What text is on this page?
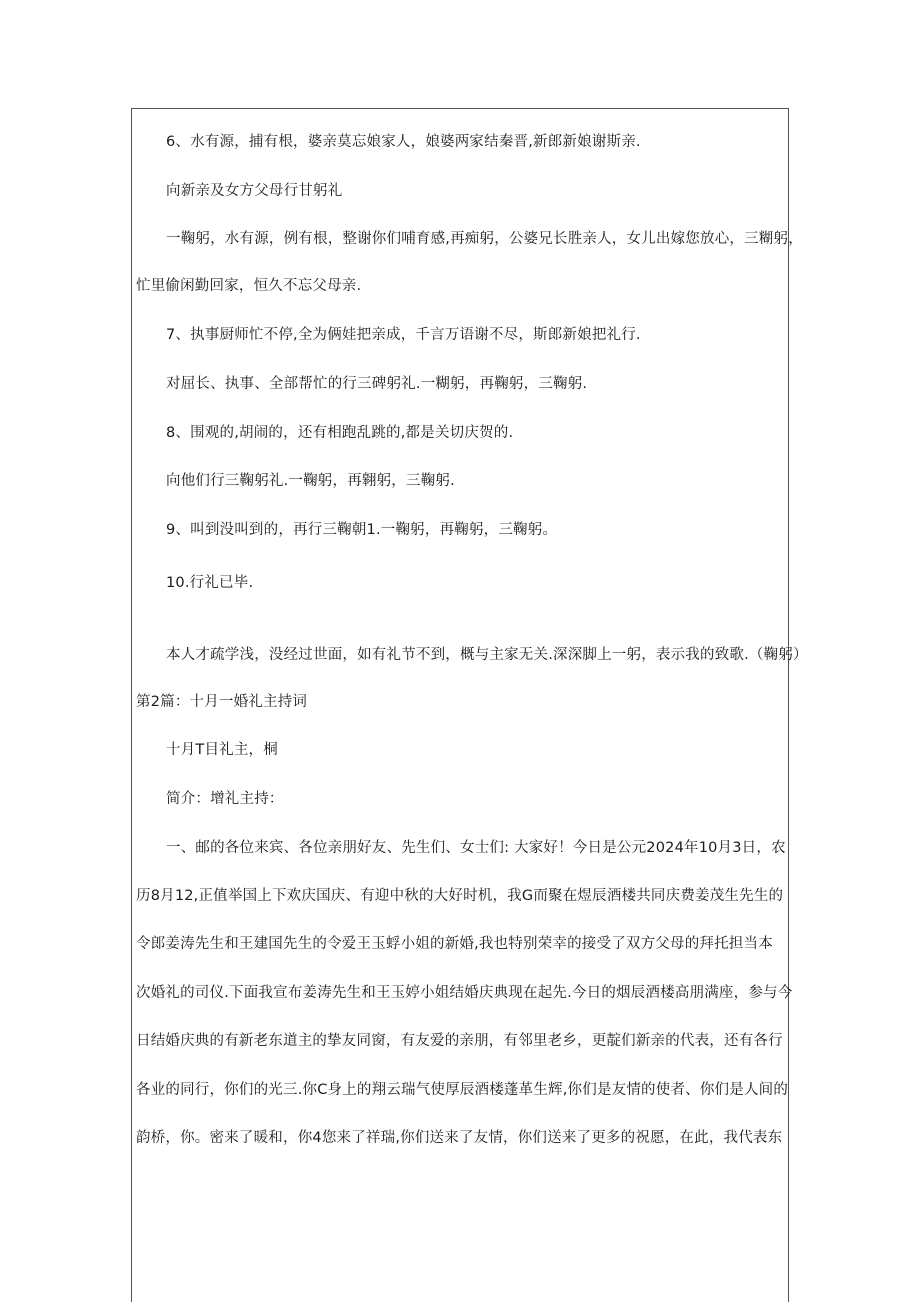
6、水有源，捕有根，婆亲莫忘娘家人，娘婆两家结秦晋,新郎新娘谢斯亲.
向新亲及女方父母行甘躬礼
一鞠躬，水有源，例有根，整谢你们哺育感,再痴躬，公婆兄长胜亲人，女儿出嫁您放心，三糊躬，
忙里偷闲勤回家，恒久不忘父母亲.
7、执事厨师忙不停,全为俩娃把亲成，千言万语谢不尽，斯郎新娘把礼行.
对屈长、执事、全部帮忙的行三碑躬礼.一糊躬，再鞠躬，三鞠躬.
8、围观的,胡闹的，还有相跑乱跳的,都是关切庆贺的.
向他们行三鞠躬礼.一鞠躬，再翱躬，三鞠躬.
9、叫到没叫到的，再行三鞠朝1.一鞠躬，再鞠躬，三鞠躬。
10.行礼已毕.
本人才疏学浅，没经过世面，如有礼节不到，概与主家无关.深深脚上一躬，表示我的致歌.（鞠躬）
第2篇：十月一婚礼主持词
十月T目礼主，桐
简介：增礼主持：
一、邮的各位来宾、各位亲朋好友、先生们、女士们: 大家好！今日是公元2024年10月3日，农
历8月12,正值举国上下欢庆国庆、有迎中秋的大好时机，我G而聚在煜辰酒楼共同庆费姜茂生先生的
令郎姜涛先生和王建国先生的令爱王玉蜉小姐的新婚,我也特别荣幸的接受了双方父母的拜托担当本
次婚礼的司仪.下面我宣布姜涛先生和王玉婷小姐结婚庆典现在起先.今日的烟辰酒楼高朋满座，参与今
日结婚庆典的有新老东道主的挚友同窗，有友爱的亲朋，有邻里老乡，更靛们新亲的代表，还有各行
各业的同行，你们的光三.你C身上的翔云瑞气使厚辰酒楼蓬革生辉,你们是友情的使者、你们是人间的
韵桥，你。密来了暖和，你4您来了祥瑞,你们送来了友情，你们送来了更多的祝愿，在此，我代表东
